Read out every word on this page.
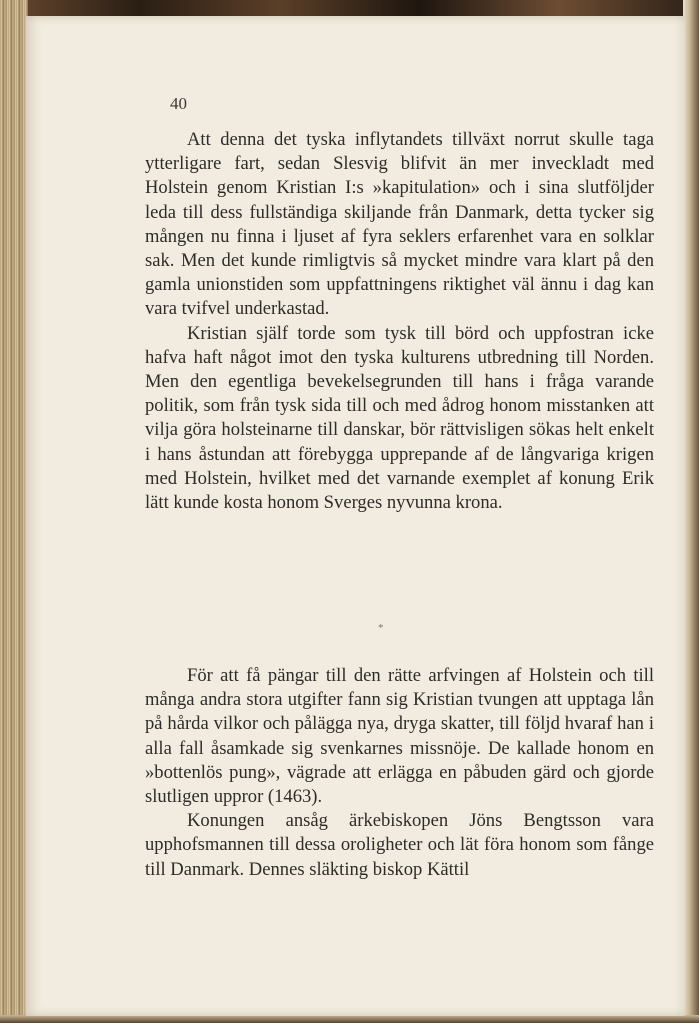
40

Att denna det tyska inflytandets tillväxt norrut skulle taga ytterligare fart, sedan Slesvig blifvit än mer inveckladt med Holstein genom Kristian I:s »kapitulation» och i sina slutföljder leda till dess fullständiga skiljande från Danmark, detta tycker sig mången nu finna i ljuset af fyra seklers erfarenhet vara en solklar sak. Men det kunde rimligtvis så mycket mindre vara klart på den gamla unionstiden som uppfattningens riktighet väl ännu i dag kan vara tvifvel underkastad.

Kristian själf torde som tysk till börd och uppfostran icke hafva haft något imot den tyska kulturens utbredning till Norden. Men den egentliga bevekelsegrunden till hans i fråga varande politik, som från tysk sida till och med ådrog honom misstanken att vilja göra holsteinarne till danskar, bör rättvisligen sökas helt enkelt i hans åstundan att förebygga upprepande af de långvariga krigen med Holstein, hvilket med det varnande exemplet af konung Erik lätt kunde kosta honom Sverges nyvunna krona.

*

För att få pängar till den rätte arfvingen af Holstein och till många andra stora utgifter fann sig Kristian tvungen att upptaga lån på hårda vilkor och pålägga nya, dryga skatter, till följd hvaraf han i alla fall åsamkade sig svenkarnes missnöje. De kallade honom en »bottenlös pung», vägrade att erlägga en påbuden gärd och gjorde slutligen uppror (1463).

Konungen ansåg ärkebiskopen Jöns Bengtsson vara upphofsmannen till dessa oroligheter och lät föra honom som fånge till Danmark. Dennes släkting biskop Kättil
